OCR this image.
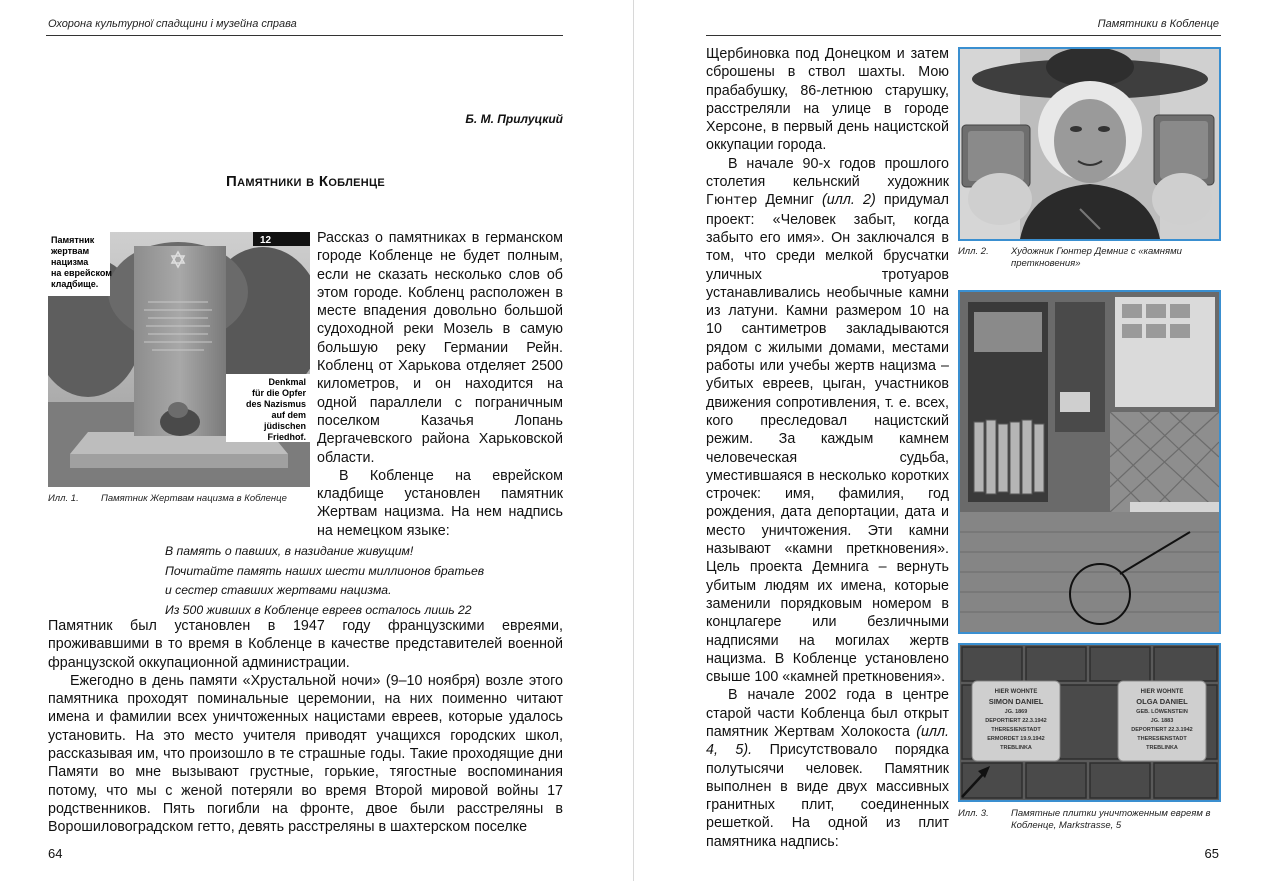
Охорона культурної спадщини і музейна справа
Б. М. Прилуцкий
Памятники в Кобленце
Памятник
жертвам
нацизма
на еврейском
кладбище.
12
Denkmal
für die Opfer
des Nazismus
auf dem
jüdischen
Friedhof.
Илл. 1. Памятник Жертвам нацизма в Кобленце

Рассказ о памятниках в германском городе Кобленце не будет полным, если не сказать несколько слов об этом городе. Кобленц расположен в месте впадения довольно большой судоходной реки Мозель в самую большую реку Германии Рейн. Кобленц от Харькова отделяет 2500 километров, и он находится на одной параллели с пограничным поселком Казачья Лопань Дергачевского района Харьковской области.

В Кобленце на еврейском кладбище установлен памятник Жертвам нацизма. На нем надпись на немецком языке:

В память о павших, в назидание живущим!
Почитайте память наших шести миллионов братьев
и сестер ставших жертвами нацизма.
Из 500 живших в Кобленце евреев осталось лишь 22

Памятник был установлен в 1947 году французскими евреями, проживавшими в то время в Кобленце в качестве представителей военной французской оккупационной администрации.

Ежегодно в день памяти «Хрустальной ночи» (9–10 ноября) возле этого памятника проходят поминальные церемонии, на них поименно читают имена и фамилии всех уничтоженных нацистами евреев, которые удалось установить. На это место учителя приводят учащихся городских школ, рассказывая им, что произошло в те страшные годы. Такие проходящие дни Памяти во мне вызывают грустные, горькие, тягостные воспоминания потому, что мы с женой потеряли во время Второй мировой войны 17 родственников. Пять погибли на фронте, двое были расстреляны в Ворошиловоградском гетто, девять расстреляны в шахтерском поселке

64
Памятники в Кобленце

Щербиновка под Донецком и затем сброшены в ствол шахты. Мою прабабушку, 86-летнюю старушку, расстреляли на улице в городе Херсоне, в первый день нацистской оккупации города.

В начале 90-х годов прошлого столетия кельнский художник Гюнтер Демниг (илл. 2) придумал проект: «Человек забыт, когда забыто его имя». Он заключался в том, что среди мелкой брусчатки уличных тротуаров устанавливались необычные камни из латуни. Камни размером 10 на 10 сантиметров закладываются рядом с жилыми домами, местами работы или учебы жертв нацизма – убитых евреев, цыган, участников движения сопротивления, т. е. всех, кого преследовал нацистский режим. За каждым камнем человеческая судьба, уместившаяся в несколько коротких строчек: имя, фамилия, год рождения, дата депортации, дата и место уничтожения. Эти камни называют «камни преткновения». Цель проекта Демнига – вернуть убитым людям их имена, которые заменили порядковым номером в концлагере или безличными надписями на могилах жертв нацизма. В Кобленце установлено свыше 100 «камней преткновения».

В начале 2002 года в центре старой части Кобленца был открыт памятник Жертвам Холокоста (илл. 4, 5). Присутствовало порядка полутысячи человек. Памятник выполнен в виде двух массивных гранитных плит, соединенных решеткой. На одной из плит памятника надпись:

Илл. 2. Художник Гюнтер Демниг с «камнями преткновения»
HIER WOHNTE
SIMON DANIEL
JG. 1869
DEPORTIERT 22.3.1942
THERESIENSTADT
ERMORDET 19.9.1942
TREBLINKA
HIER WOHNTE
OLGA DANIEL
GEB. LÖWENSTEIN
JG. 1883
DEPORTIERT 22.3.1942
THERESIENSTADT
TREBLINKA
Илл. 3. Памятные плитки уничтоженным евреям в Кобленце, Markstrasse, 5
65
